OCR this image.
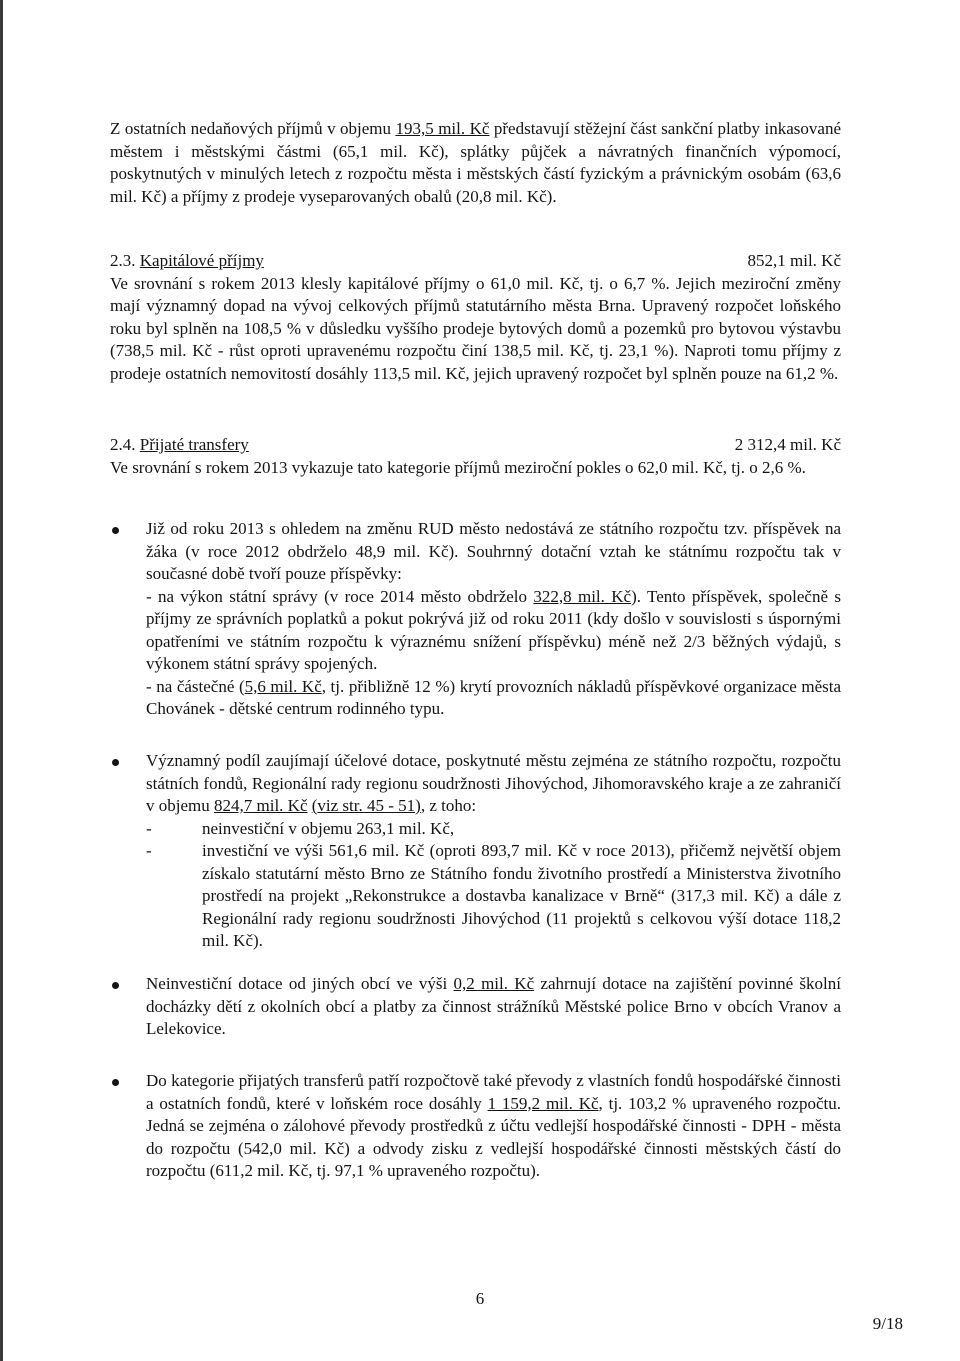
Z ostatních nedaňových příjmů v objemu 193,5 mil. Kč představují stěžejní část sankční platby inkasované městem i městskými částmi (65,1 mil. Kč), splátky půjček a návratných finančních výpomocí, poskytnutých v minulých letech z rozpočtu města i městských částí fyzickým a právnickým osobám (63,6 mil. Kč) a příjmy z prodeje vyseparovaných obalů (20,8 mil. Kč).

2.3. Kapitálové příjmy	852,1 mil. Kč
Ve srovnání s rokem 2013 klesly kapitálové příjmy o 61,0 mil. Kč, tj. o 6,7 %. Jejich meziroční změny mají významný dopad na vývoj celkových příjmů statutárního města Brna. Upravený rozpočet loňského roku byl splněn na 108,5 % v důsledku vyššího prodeje bytových domů a pozemků pro bytovou výstavbu (738,5 mil. Kč - růst oproti upravenému rozpočtu činí 138,5 mil. Kč, tj. 23,1 %). Naproti tomu příjmy z prodeje ostatních nemovitostí dosáhly 113,5 mil. Kč, jejich upravený rozpočet byl splněn pouze na 61,2 %.
2.4. Přijaté transfery	2 312,4 mil. Kč
Ve srovnání s rokem 2013 vykazuje tato kategorie příjmů meziroční pokles o 62,0 mil. Kč, tj. o 2,6 %.
Již od roku 2013 s ohledem na změnu RUD město nedostává ze státního rozpočtu tzv. příspěvek na žáka (v roce 2012 obdrželo 48,9 mil. Kč). Souhrnný dotační vztah ke státnímu rozpočtu tak v současné době tvoří pouze příspěvky:
- na výkon státní správy (v roce 2014 město obdrželo 322,8 mil. Kč). Tento příspěvek, společně s příjmy ze správních poplatků a pokut pokrývá již od roku 2011 (kdy došlo v souvislosti s úspornými opatřeními ve státním rozpočtu k výraznému snížení příspěvku) méně než 2/3 běžných výdajů, s výkonem státní správy spojených.
- na částečné (5,6 mil. Kč, tj. přibližně 12 %) krytí provozních nákladů příspěvkové organizace města Chovánek - dětské centrum rodinného typu.
Významný podíl zaujímají účelové dotace, poskytnuté městu zejména ze státního rozpočtu, rozpočtu státních fondů, Regionální rady regionu soudržnosti Jihovýchod, Jihomoravského kraje a ze zahraničí v objemu 824,7 mil. Kč (viz str. 45 - 51), z toho:
-	neinvestiční v objemu 263,1 mil. Kč,
-	investiční ve výši 561,6 mil. Kč (oproti 893,7 mil. Kč v roce 2013), přičemž největší objem získalo statutární město Brno ze Státního fondu životního prostředí a Ministerstva životního prostředí na projekt „Rekonstrukce a dostavba kanalizace v Brně“ (317,3 mil. Kč) a dále z Regionální rady regionu soudržnosti Jihovýchod (11 projektů s celkovou výší dotace 118,2 mil. Kč).
Neinvestiční dotace od jiných obcí ve výši 0,2 mil. Kč zahrnují dotace na zajištění povinné školní docházky dětí z okolních obcí a platby za činnost strážníků Městské police Brno v obcích Vranov a Lelekovice.
Do kategorie přijatých transferů patří rozpočtově také převody z vlastních fondů hospodářské činnosti a ostatních fondů, které v loňském roce dosáhly 1 159,2 mil. Kč, tj. 103,2 % upraveného rozpočtu. Jedná se zejména o zálohové převody prostředků z účtu vedlejší hospodářské činnosti - DPH - města do rozpočtu (542,0 mil. Kč) a odvody zisku z vedlejší hospodářské činnosti městských částí do rozpočtu (611,2 mil. Kč, tj. 97,1 % upraveného rozpočtu).
6
9/18
